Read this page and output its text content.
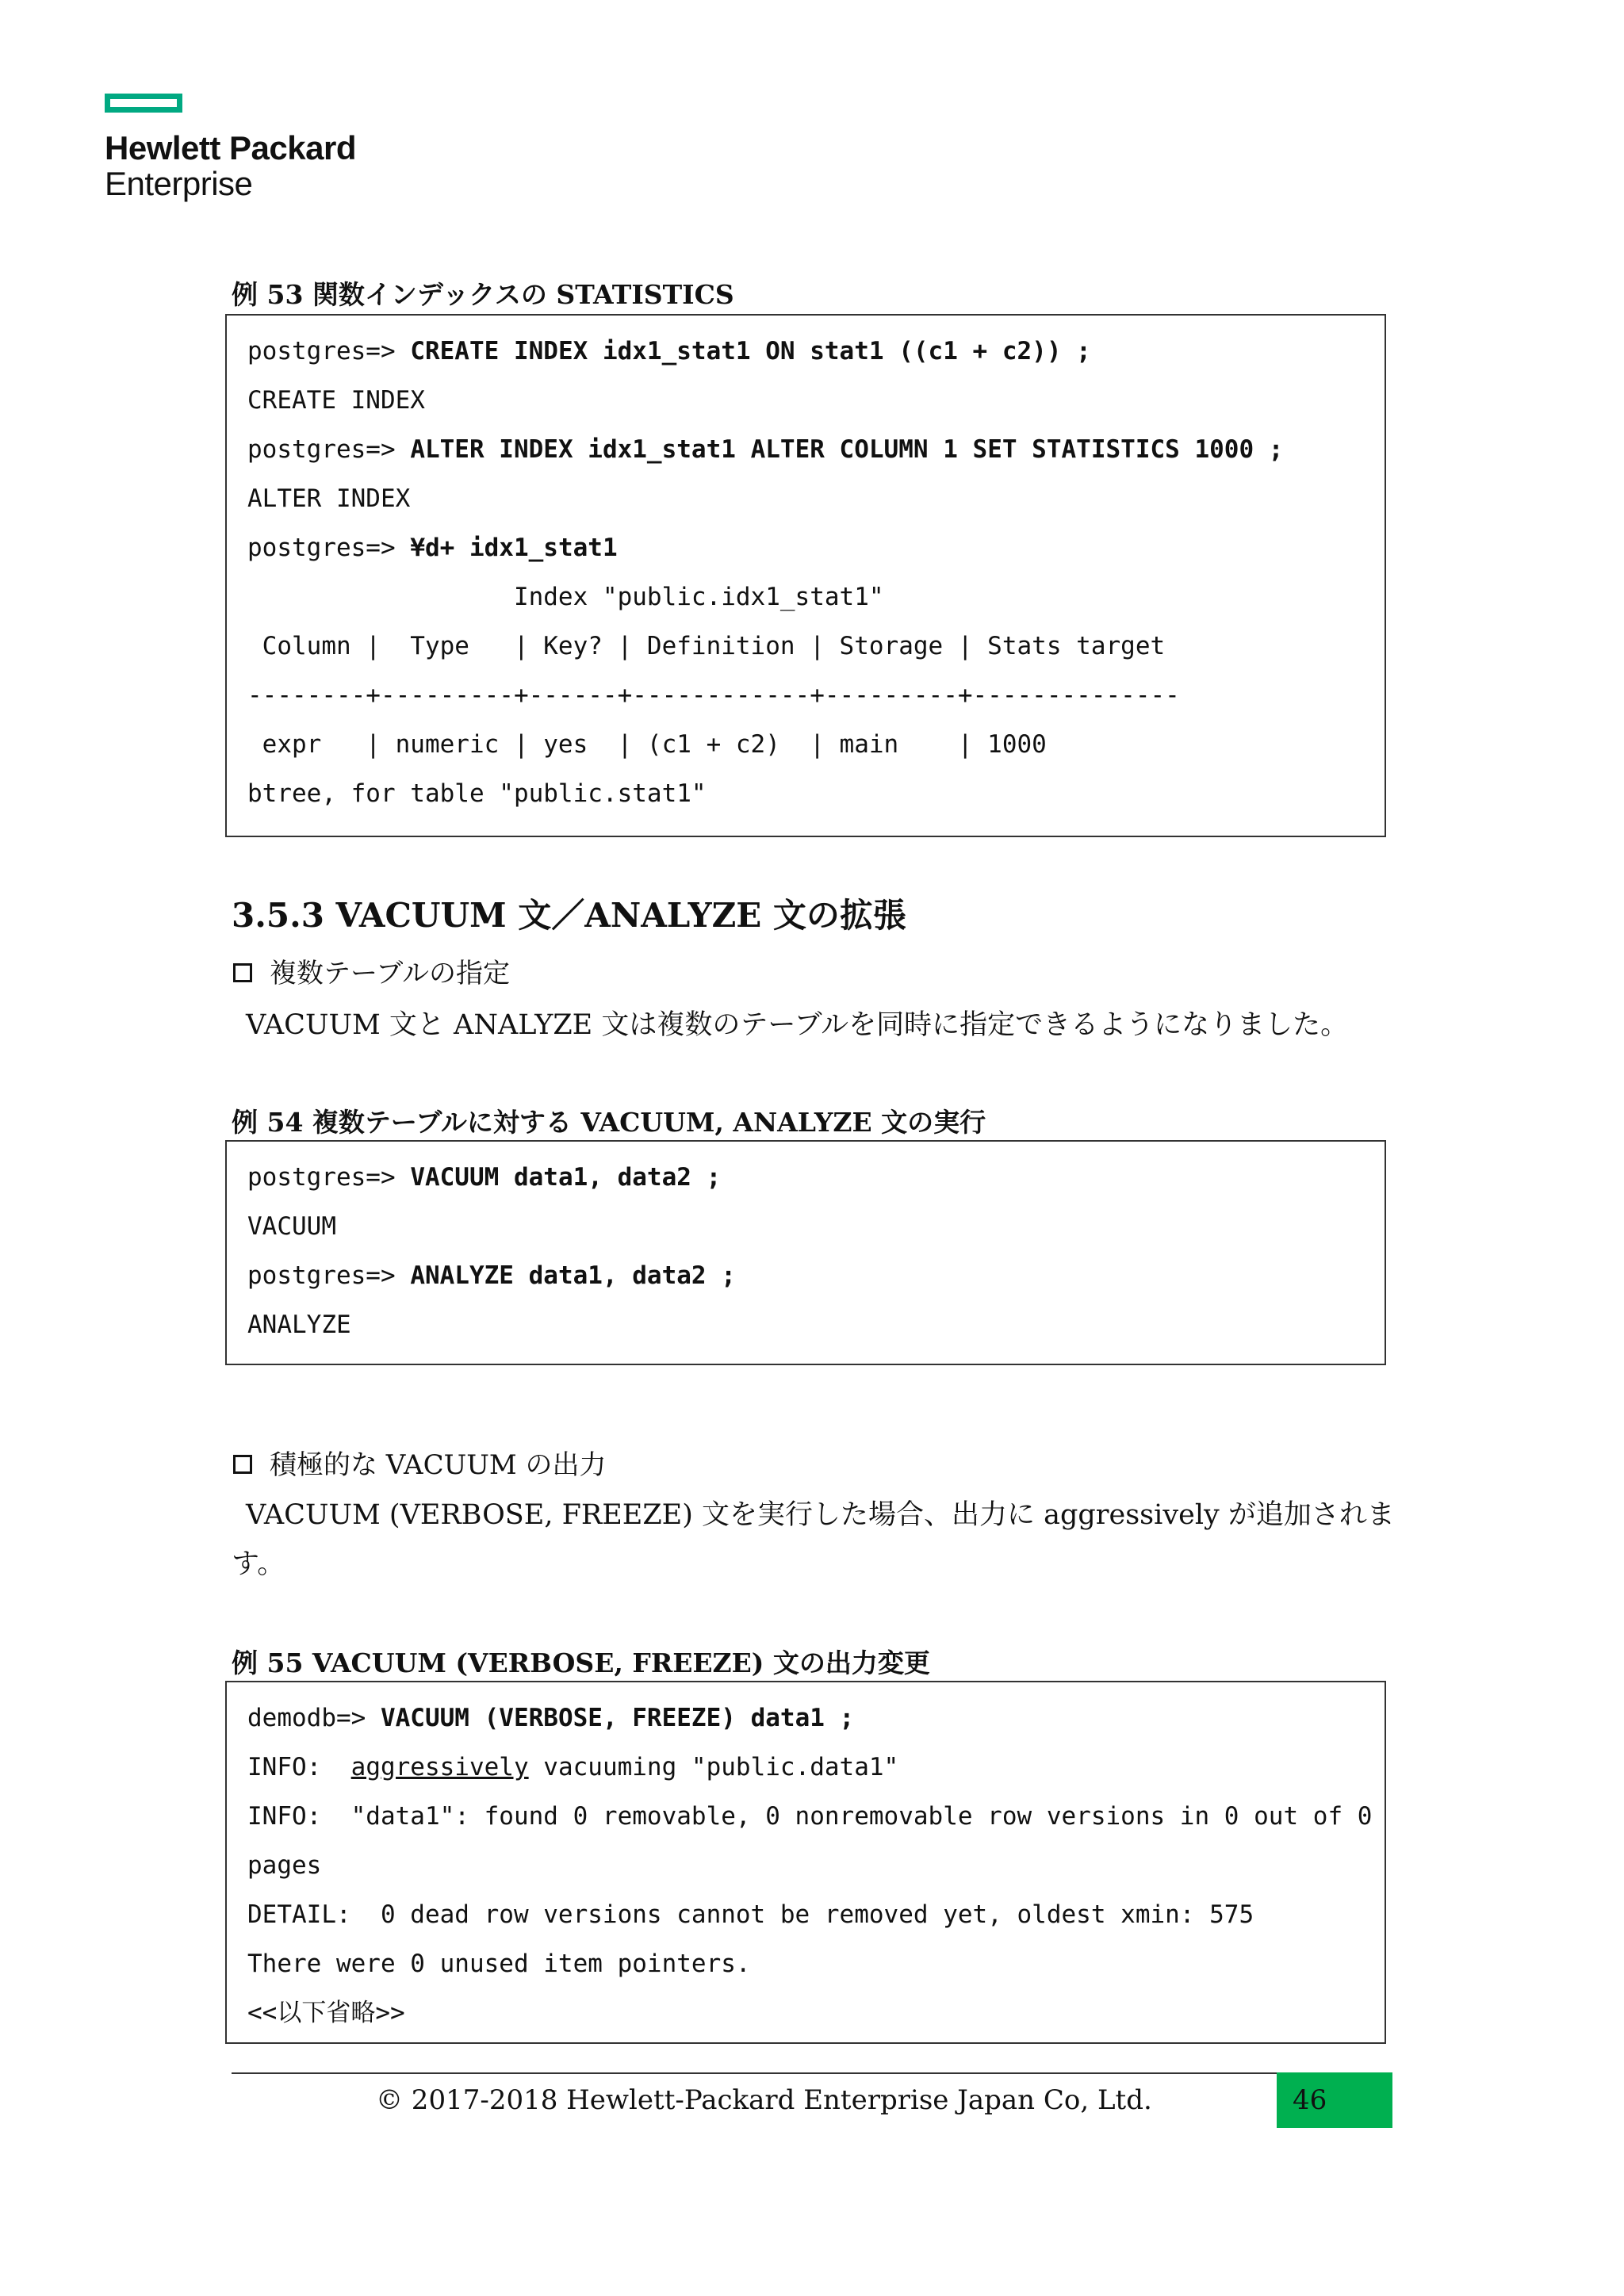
Hewlett Packard
Enterprise
例 53 関数インデックスの STATISTICS
postgres=> CREATE INDEX idx1_stat1 ON stat1 ((c1 + c2)) ;
CREATE INDEX
postgres=> ALTER INDEX idx1_stat1 ALTER COLUMN 1 SET STATISTICS 1000 ;
ALTER INDEX
postgres=> ¥d+ idx1_stat1
Index "public.idx1_stat1"
Column |  Type   | Key? | Definition | Storage | Stats target
--------+---------+------+------------+---------+--------------
expr   | numeric | yes  | (c1 + c2)  | main    | 1000
btree, for table "public.stat1"
3.5.3 VACUUM 文／ANALYZE 文の拡張
複数テーブルの指定
VACUUM 文と ANALYZE 文は複数のテーブルを同時に指定できるようになりました。
例 54 複数テーブルに対する VACUUM, ANALYZE 文の実行
postgres=> VACUUM data1, data2 ;
VACUUM
postgres=> ANALYZE data1, data2 ;
ANALYZE
積極的な VACUUM の出力
VACUUM (VERBOSE, FREEZE) 文を実行した場合、出力に aggressively が追加されます。
例 55 VACUUM (VERBOSE, FREEZE) 文の出力変更
demodb=> VACUUM (VERBOSE, FREEZE) data1 ;
INFO:  aggressively vacuuming "public.data1"
INFO:  "data1": found 0 removable, 0 nonremovable row versions in 0 out of 0
pages
DETAIL:  0 dead row versions cannot be removed yet, oldest xmin: 575
There were 0 unused item pointers.
<<以下省略>>
© 2017-2018 Hewlett-Packard Enterprise Japan Co, Ltd.	46
